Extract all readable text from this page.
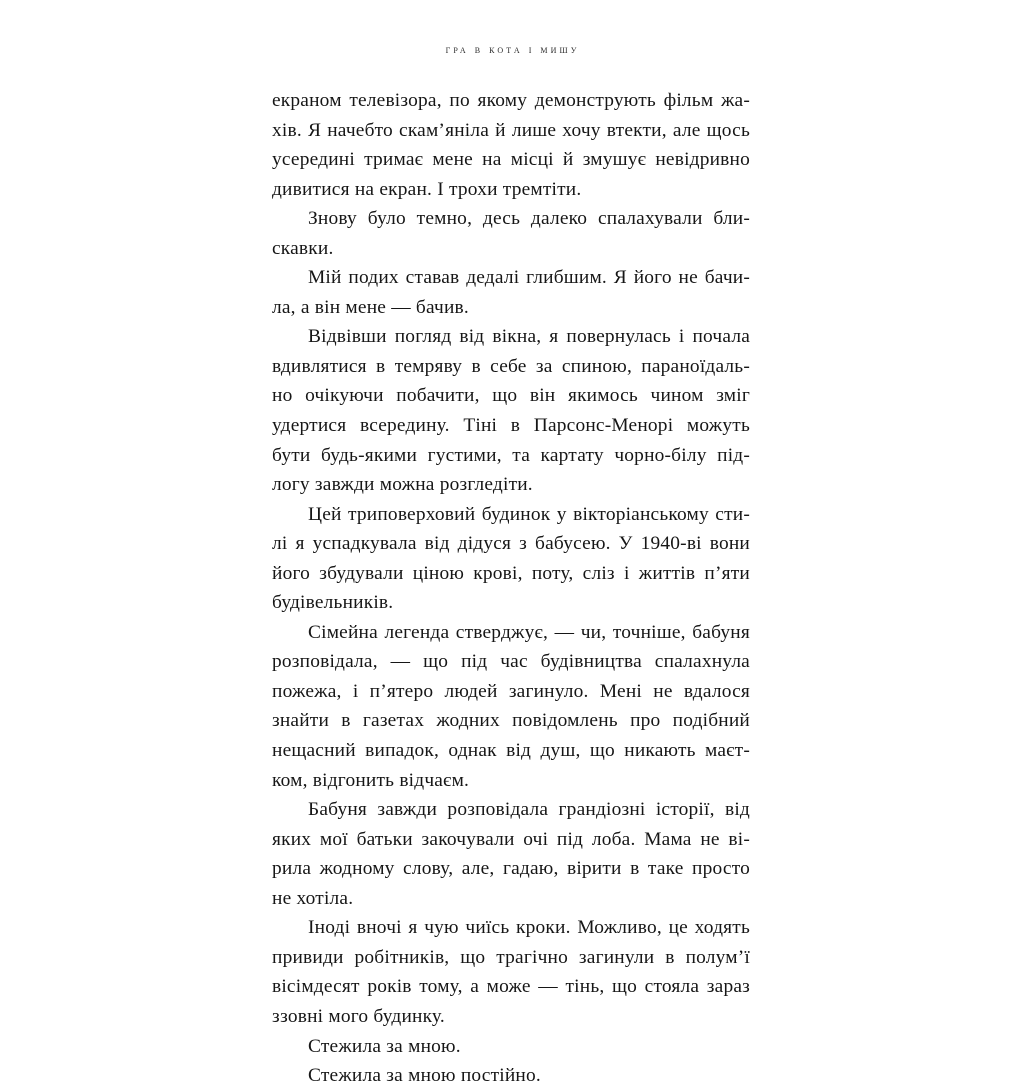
гра в кота і мишу

екраном телевізора, по якому демонструють фільм жа-
хів. Я начебто скам’яніла й лише хочу втекти, але щось
усередині тримає мене на місці й змушує невідривно
дивитися на екран. І трохи тремтіти.

Знову було темно, десь далеко спалахували бли-
скавки.

Мій подих ставав дедалі глибшим. Я його не бачи-
ла, а він мене — бачив.

Відвівши погляд від вікна, я повернулась і почала
вдивлятися в темряву в себе за спиною, параноїдаль-
но очікуючи побачити, що він якимось чином зміг
удертися всередину. Тіні в Парсонс-Менорі можуть
бути будь-якими густими, та картату чорно-білу під-
логу завжди можна розгледіти.

Цей триповерховий будинок у вікторіанському сти-
лі я успадкувала від дідуся з бабусею. У 1940-ві вони
його збудували ціною крові, поту, сліз і життів п’яти
будівельників.

Сімейна легенда стверджує, — чи, точніше, бабуня
розповідала, — що під час будівництва спалахнула
пожежа, і п’ятеро людей загинуло. Мені не вдалося
знайти в газетах жодних повідомлень про подібний
нещасний випадок, однак від душ, що никають маєт-
ком, відгонить відчаєм.

Бабуня завжди розповідала грандіозні історії, від
яких мої батьки закочували очі під лоба. Мама не ві-
рила жодному слову, але, гадаю, вірити в таке просто
не хотіла.

Іноді вночі я чую чиїсь кроки. Можливо, це ходять
привиди робітників, що трагічно загинули в полум’ї
вісімдесят років тому, а може — тінь, що стояла зараз
ззовні мого будинку.

Стежила за мною.

Стежила за мною постійно.
